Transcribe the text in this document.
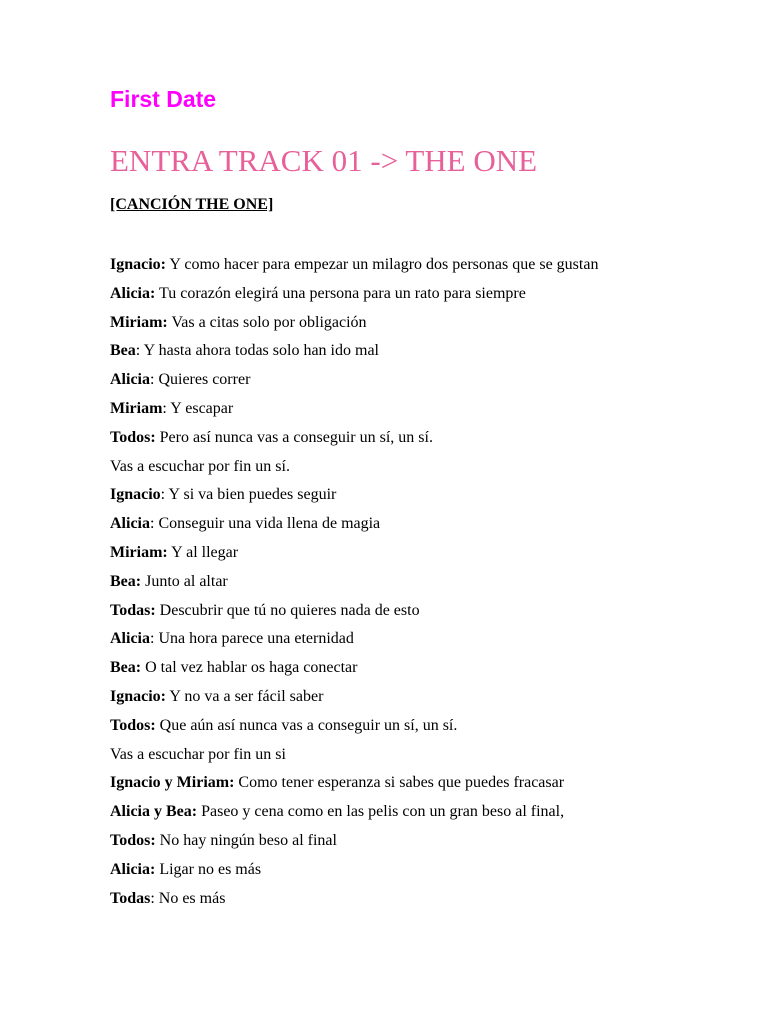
First Date
ENTRA TRACK 01 -> THE ONE

[CANCIÓN THE ONE]

Ignacio: Y como hacer para empezar un milagro dos personas que se gustan
Alicia: Tu corazón elegirá una persona para un rato para siempre
Miriam: Vas a citas solo por obligación
Bea: Y hasta ahora todas solo han ido mal
Alicia: Quieres correr
Miriam: Y escapar
Todos: Pero así nunca vas a conseguir un sí, un sí.
Vas a escuchar por fin un sí.
Ignacio: Y si va bien puedes seguir
Alicia: Conseguir una vida llena de magia
Miriam: Y al llegar
Bea: Junto al altar
Todas: Descubrir que tú no quieres nada de esto
Alicia: Una hora parece una eternidad
Bea: O tal vez hablar os haga conectar
Ignacio: Y no va a ser fácil saber
Todos: Que aún así nunca vas a conseguir un sí, un sí.
Vas a escuchar por fin un si
Ignacio y Miriam: Como tener esperanza si sabes que puedes fracasar
Alicia y Bea: Paseo y cena como en las pelis con un gran beso al final,
Todos: No hay ningún beso al final
Alicia: Ligar no es más
Todas: No es más
